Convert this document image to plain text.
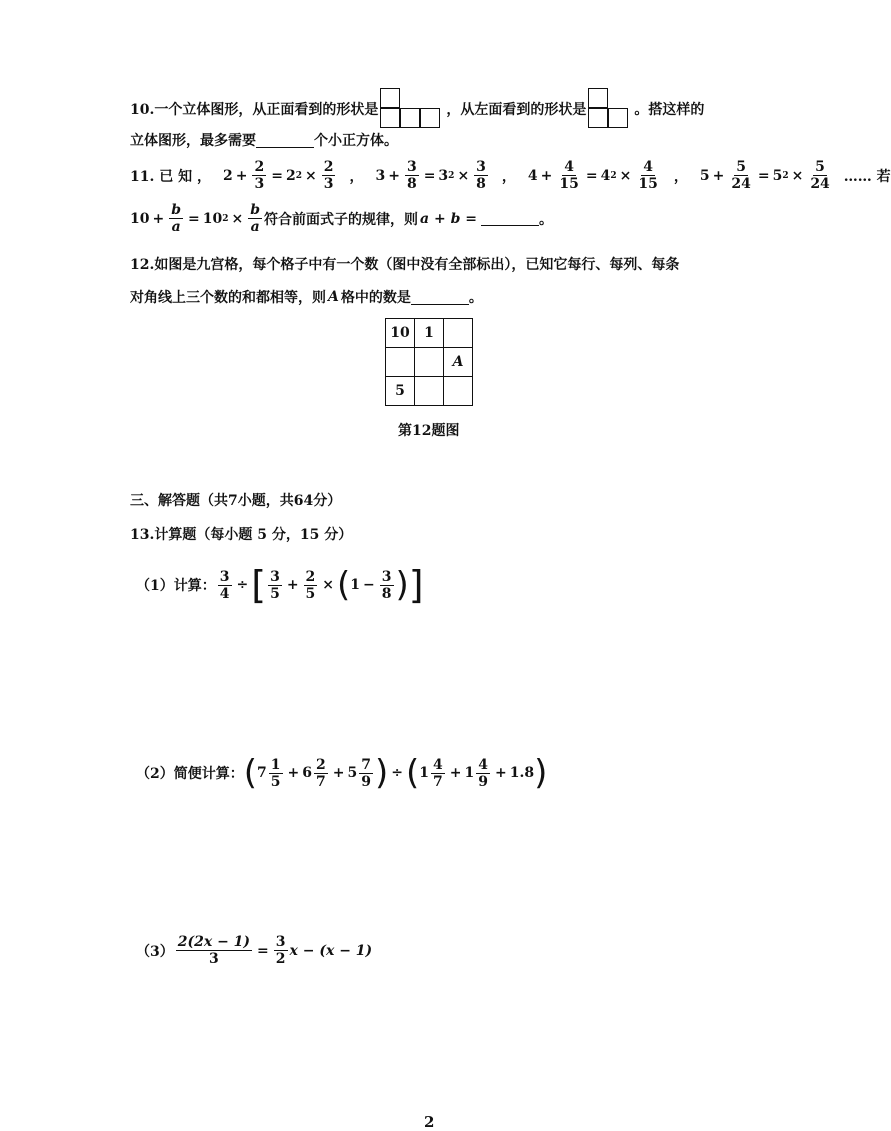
10.一个立体图形，从正面看到的形状是	，从左面看到的形状是	。搭这样的
立体图形，最多需要	个小正方体。
11. 已 知 ， $2 + \frac{2}{3} = 2$ $2 \times \frac{2}{3}$ ， $3 + \frac{3}{8} = 3$ $2 \times \frac{3}{8}$ ， $4 + \frac{4}{15} = 4$ $2 \times \frac{4}{15}$ ， $5 + \frac{5}{24} = 5$ $2 \times \frac{5}{24}$ …… 若
$10 + \frac{b}{a} = 10$ $2 \times \frac{b}{a}$ 符合前面式子的规律，则 a + b =	。
12.如图是九宫格，每个格子中有一个数（图中没有全部标出），已知它每行、每列、每条
对角线上三个数的和都相等，则 A 格中的数是	。
10	1	
		A
5		
第12题图
三、解答题（共7小题，共64分）
13.计算题（每小题 5 分，15 分）
（1）计算： $\frac{3}{4}$ ÷ [ $\frac{3}{5} + \frac{2}{5}$ × ( $1 - \frac{3}{8}$ ) ]
（2）简便计算： ( $7 \frac{1}{5} + 6 \frac{2}{7} + 5 \frac{7}{9}$ ) ÷ ( $1 \frac{4}{7} + 1 \frac{4}{9} + 1.8$ )
$(3) \frac{2(2x - 1)}{3} = \frac{3}{2}$ x − (x − 1)
2
